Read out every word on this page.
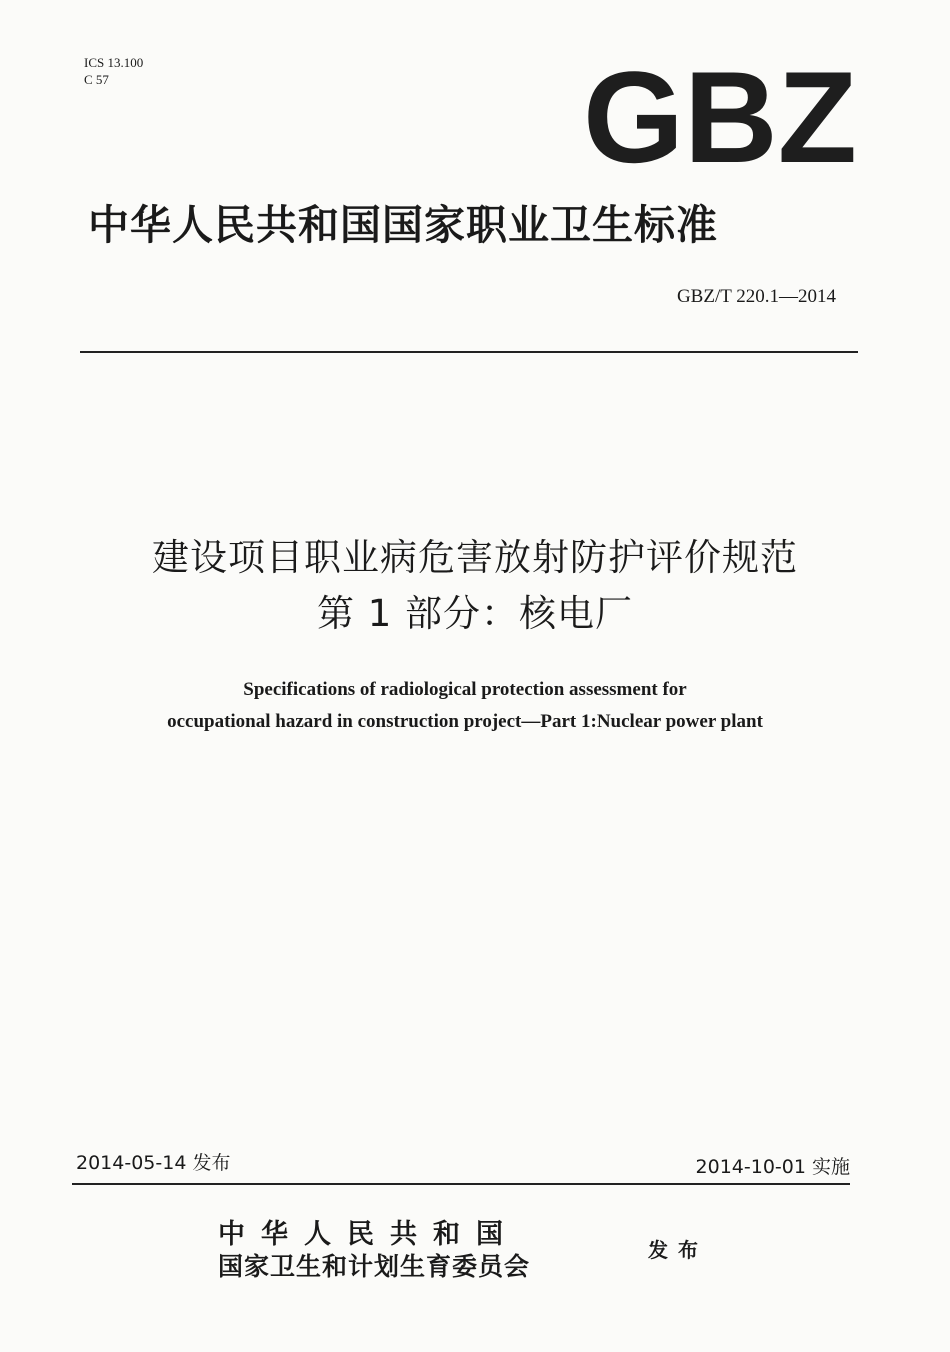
ICS 13.100
C 57	GBZ
中华人民共和国国家职业卫生标准
GBZ/T 220.1—2014
建设项目职业病危害放射防护评价规范
第 1 部分：核电厂
Specifications of radiological protection assessment for
occupational hazard in construction project—Part 1:Nuclear power plant
2014-05-14 发布	2014-10-01 实施
中华人民共和国
国家卫生和计划生育委员会
发布
